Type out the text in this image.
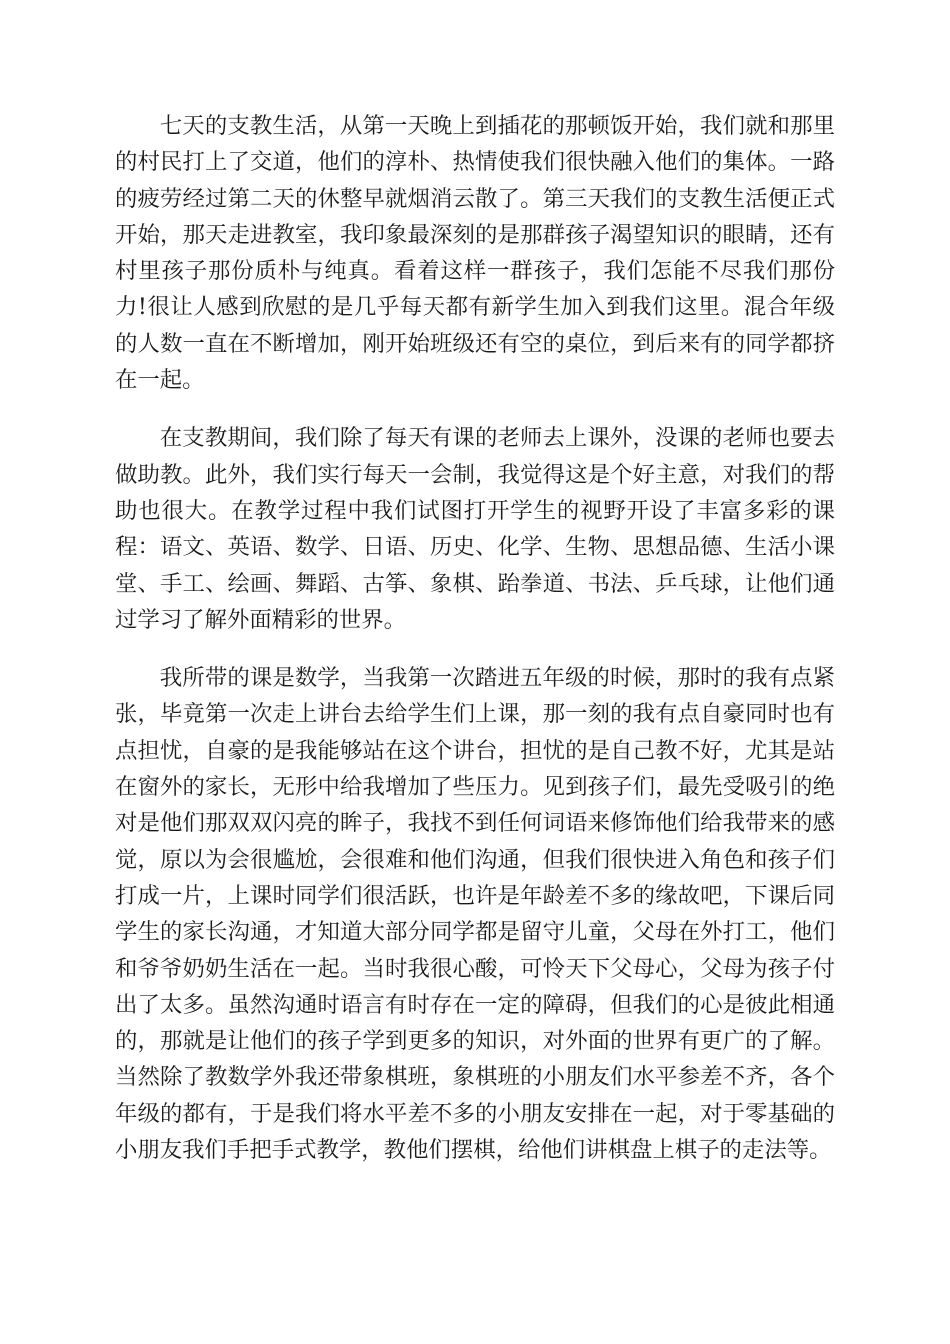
七天的支教生活，从第一天晚上到插花的那顿饭开始，我们就和那里的村民打上了交道，他们的淳朴、热情使我们很快融入他们的集体。一路的疲劳经过第二天的休整早就烟消云散了。第三天我们的支教生活便正式开始，那天走进教室，我印象最深刻的是那群孩子渴望知识的眼睛，还有村里孩子那份质朴与纯真。看着这样一群孩子，我们怎能不尽我们那份力!很让人感到欣慰的是几乎每天都有新学生加入到我们这里。混合年级的人数一直在不断增加，刚开始班级还有空的桌位，到后来有的同学都挤在一起。

在支教期间，我们除了每天有课的老师去上课外，没课的老师也要去做助教。此外，我们实行每天一会制，我觉得这是个好主意，对我们的帮助也很大。在教学过程中我们试图打开学生的视野开设了丰富多彩的课程：语文、英语、数学、日语、历史、化学、生物、思想品德、生活小课堂、手工、绘画、舞蹈、古筝、象棋、跆拳道、书法、乒乓球，让他们通过学习了解外面精彩的世界。

我所带的课是数学，当我第一次踏进五年级的时候，那时的我有点紧张，毕竟第一次走上讲台去给学生们上课，那一刻的我有点自豪同时也有点担忧，自豪的是我能够站在这个讲台，担忧的是自己教不好，尤其是站在窗外的家长，无形中给我增加了些压力。见到孩子们，最先受吸引的绝对是他们那双双闪亮的眸子，我找不到任何词语来修饰他们给我带来的感觉，原以为会很尴尬，会很难和他们沟通，但我们很快进入角色和孩子们打成一片，上课时同学们很活跃，也许是年龄差不多的缘故吧，下课后同学生的家长沟通，才知道大部分同学都是留守儿童，父母在外打工，他们和爷爷奶奶生活在一起。当时我很心酸，可怜天下父母心，父母为孩子付出了太多。虽然沟通时语言有时存在一定的障碍，但我们的心是彼此相通的，那就是让他们的孩子学到更多的知识，对外面的世界有更广的了解。当然除了教数学外我还带象棋班，象棋班的小朋友们水平参差不齐，各个年级的都有，于是我们将水平差不多的小朋友安排在一起，对于零基础的小朋友我们手把手式教学，教他们摆棋，给他们讲棋盘上棋子的走法等。
